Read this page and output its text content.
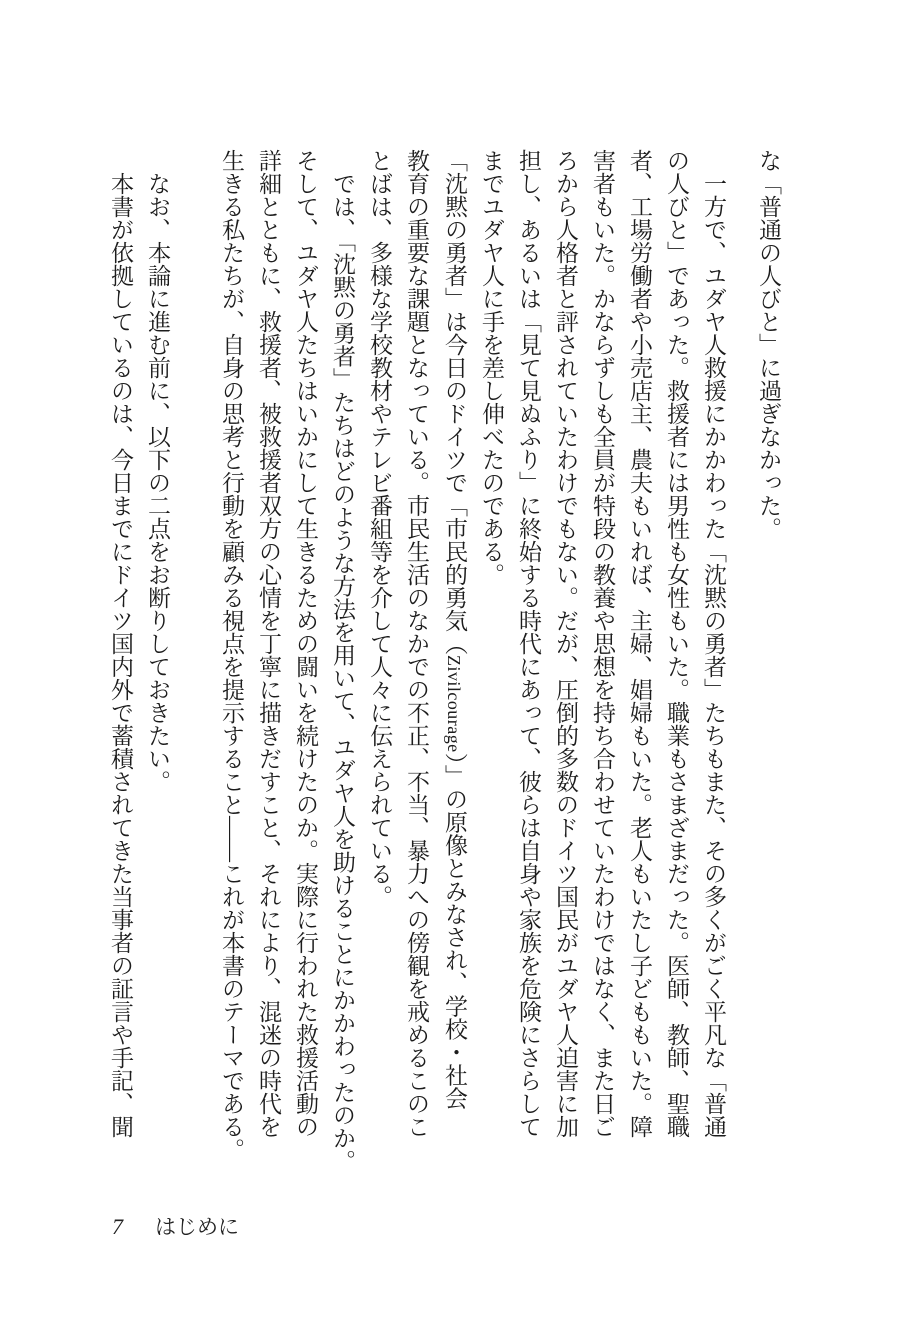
な「普通の人びと」に過ぎなかった。
　一方で、ユダヤ人救援にかかわった「沈黙の勇者」たちもまた、その多くがごく平凡な「普通
の人びと」であった。救援者には男性も女性もいた。職業もさまざまだった。医師、教師、聖職
者、工場労働者や小売店主、農夫もいれば、主婦、娼婦もいた。老人もいたし子どももいた。障
害者もいた。かならずしも全員が特段の教養や思想を持ち合わせていたわけではなく、また日ご
ろから人格者と評されていたわけでもない。だが、圧倒的多数のドイツ国民がユダヤ人迫害に加
担し、あるいは「見て見ぬふり」に終始する時代にあって、彼らは自身や家族を危険にさらして
までユダヤ人に手を差し伸べたのである。
「沈黙の勇者」は今日のドイツで「市民的勇気（Zivilcourage）」の原像とみなされ、学校・社会
教育の重要な課題となっている。市民生活のなかでの不正、不当、暴力への傍観を戒めるこのこ
とばは、多様な学校教材やテレビ番組等を介して人々に伝えられている。
　では、「沈黙の勇者」たちはどのような方法を用いて、ユダヤ人を助けることにかかわったのか。
そして、ユダヤ人たちはいかにして生きるための闘いを続けたのか。実際に行われた救援活動の
詳細とともに、救援者、被救援者双方の心情を丁寧に描きだすこと、それにより、混迷の時代を
生きる私たちが、自身の思考と行動を顧みる視点を提示すること――これが本書のテーマである。
　なお、本論に進む前に、以下の二点をお断りしておきたい。
　本書が依拠しているのは、今日までにドイツ国内外で蓄積されてきた当事者の証言や手記、聞
7 はじめに
